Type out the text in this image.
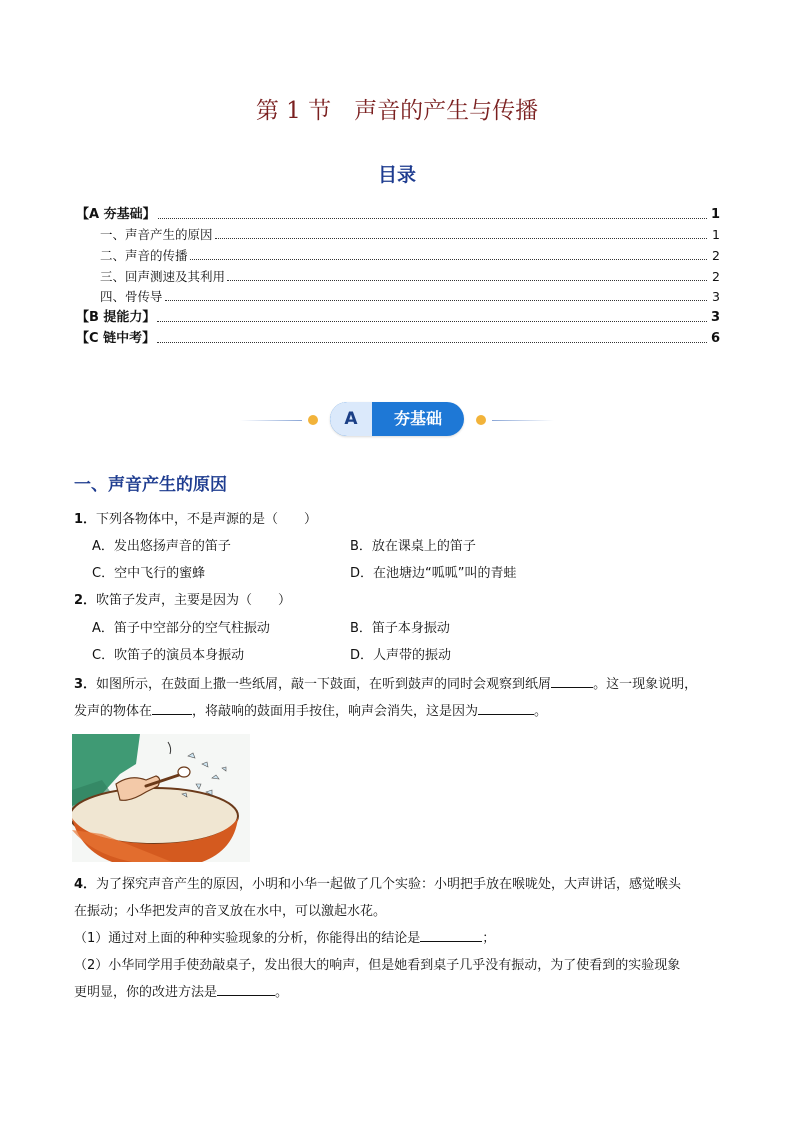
第 1 节　声音的产生与传播
目录
【A 夯基础】	1
一、声音产生的原因	1
二、声音的传播	2
三、回声测速及其利用	2
四、骨传导	3
【B 提能力】	3
【C 链中考】	6
A	夯基础
一、声音产生的原因
1．下列各物体中，不是声源的是（　　）
A．发出悠扬声音的笛子	B．放在课桌上的笛子
C．空中飞行的蜜蜂	D．在池塘边“呱呱”叫的青蛙
2．吹笛子发声，主要是因为（　　）
A．笛子中空部分的空气柱振动	B．笛子本身振动
C．吹笛子的演员本身振动	D．人声带的振动
3．如图所示，在鼓面上撒一些纸屑，敲一下鼓面，在听到鼓声的同时会观察到纸屑	。这一现象说明，
发声的物体在	，将敲响的鼓面用手按住，响声会消失，这是因为	。
4．为了探究声音产生的原因，小明和小华一起做了几个实验：小明把手放在喉咙处，大声讲话，感觉喉头
在振动；小华把发声的音叉放在水中，可以激起水花。
（1）通过对上面的种种实验现象的分析，你能得出的结论是	；
（2）小华同学用手使劲敲桌子，发出很大的响声，但是她看到桌子几乎没有振动，为了使看到的实验现象
更明显，你的改进方法是	。
